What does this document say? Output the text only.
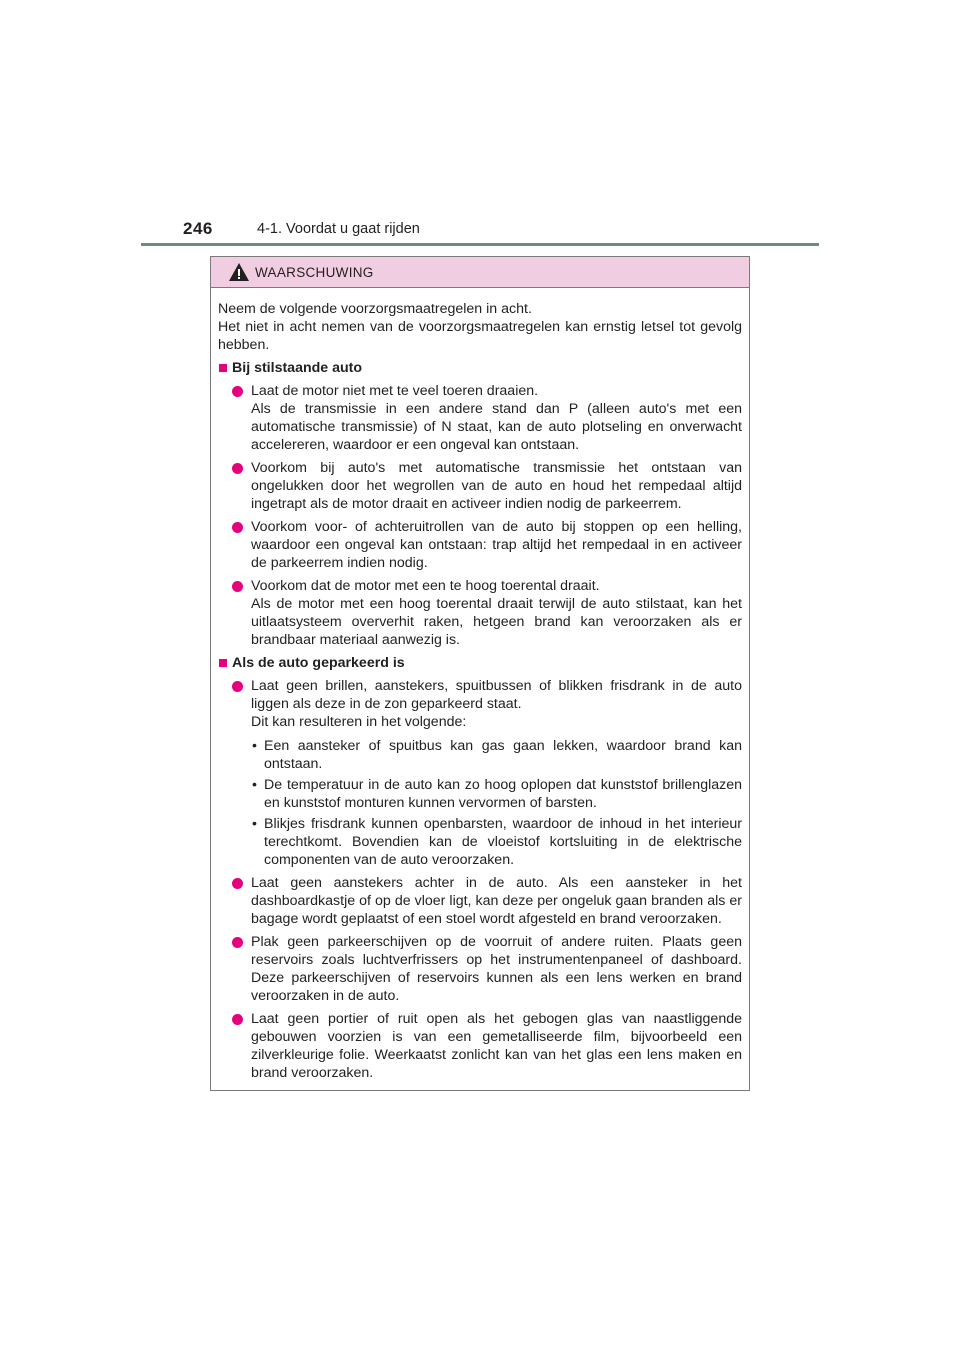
246	4-1. Voordat u gaat rijden
WAARSCHUWING

Neem de volgende voorzorgsmaatregelen in acht.

Het niet in acht nemen van de voorzorgsmaatregelen kan ernstig letsel tot gevolg hebben.

Bij stilstaande auto

Laat de motor niet met te veel toeren draaien.

Als de transmissie in een andere stand dan P (alleen auto's met een automatische transmissie) of N staat, kan de auto plotseling en onverwacht accelereren, waardoor er een ongeval kan ontstaan.

Voorkom bij auto's met automatische transmissie het ontstaan van ongelukken door het wegrollen van de auto en houd het rempedaal altijd ingetrapt als de motor draait en activeer indien nodig de parkeerrem.

Voorkom voor- of achteruitrollen van de auto bij stoppen op een helling, waardoor een ongeval kan ontstaan: trap altijd het rempedaal in en activeer de parkeerrem indien nodig.

Voorkom dat de motor met een te hoog toerental draait.

Als de motor met een hoog toerental draait terwijl de auto stilstaat, kan het uitlaatsysteem oververhit raken, hetgeen brand kan veroorzaken als er brandbaar materiaal aanwezig is.

Als de auto geparkeerd is

Laat geen brillen, aanstekers, spuitbussen of blikken frisdrank in de auto liggen als deze in de zon geparkeerd staat.

Dit kan resulteren in het volgende:

• Een aansteker of spuitbus kan gas gaan lekken, waardoor brand kan ontstaan.
• De temperatuur in de auto kan zo hoog oplopen dat kunststof brillenglazen en kunststof monturen kunnen vervormen of barsten.
• Blikjes frisdrank kunnen openbarsten, waardoor de inhoud in het interieur terechtkomt. Bovendien kan de vloeistof kortsluiting in de elektrische componenten van de auto veroorzaken.

Laat geen aanstekers achter in de auto. Als een aansteker in het dashboardkastje of op de vloer ligt, kan deze per ongeluk gaan branden als er bagage wordt geplaatst of een stoel wordt afgesteld en brand veroorzaken.

Plak geen parkeerschijven op de voorruit of andere ruiten. Plaats geen reservoirs zoals luchtverfrissers op het instrumentenpaneel of dashboard. Deze parkeerschijven of reservoirs kunnen als een lens werken en brand veroorzaken in de auto.

Laat geen portier of ruit open als het gebogen glas van naastliggende gebouwen voorzien is van een gemetalliseerde film, bijvoorbeeld een zilverkleurige folie. Weerkaatst zonlicht kan van het glas een lens maken en brand veroorzaken.
